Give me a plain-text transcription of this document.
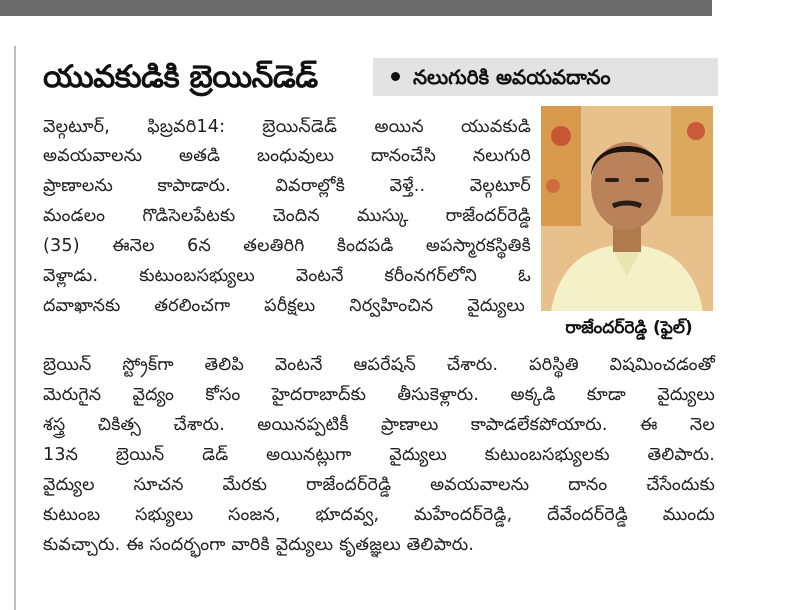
యువకుడికి బ్రెయిన్‌డెడ్	నలుగురికి అవయవదానం
రాజేందర్‌రెడ్డి (ఫైల్)
వెల్గటూర్, ఫిబ్రవరి14: బ్రెయిన్‌డెడ్ అయిన యువకుడి
అవయవాలను అతడి బంధువులు దానంచేసి నలుగురి
ప్రాణాలను కాపాడారు. వివరాల్లోకి వెళ్తే.. వెల్గటూర్
మండలం గొడిసెలపేటకు చెందిన ముస్కు రాజేందర్‌రెడ్డి
(35) ఈనెల 6న తలతిరిగి కిందపడి అపస్మారకస్థితికి
వెళ్లాడు. కుటుంబసభ్యులు వెంటనే కరీంనగర్‌లోని ఓ
దవాఖానకు తరలించగా పరీక్షలు నిర్వహించిన వైద్యులు
బ్రెయిన్ స్ట్రోక్‌గా తెలిపి వెంటనే ఆపరేషన్ చేశారు. పరిస్థితి విషమించడంతో
మెరుగైన వైద్యం కోసం హైదరాబాద్‌కు తీసుకెళ్లారు. అక్కడి కూడా వైద్యులు
శస్త్ర చికిత్స చేశారు. అయినప్పటికీ ప్రాణాలు కాపాడలేకపోయారు. ఈ నెల
13న బ్రెయిన్ డెడ్ అయినట్లుగా వైద్యులు కుటుంబసభ్యులకు తెలిపారు.
వైద్యుల సూచన మేరకు రాజేందర్‌రెడ్డి అవయవాలను దానం చేసేందుకు
కుటుంబ సభ్యులు సంజన, భూదవ్వ, మహేందర్‌రెడ్డి, దేవేందర్‌రెడ్డి ముందు
కువచ్చారు. ఈ సందర్భంగా వారికి వైద్యులు కృతజ్ఞలు తెలిపారు.
